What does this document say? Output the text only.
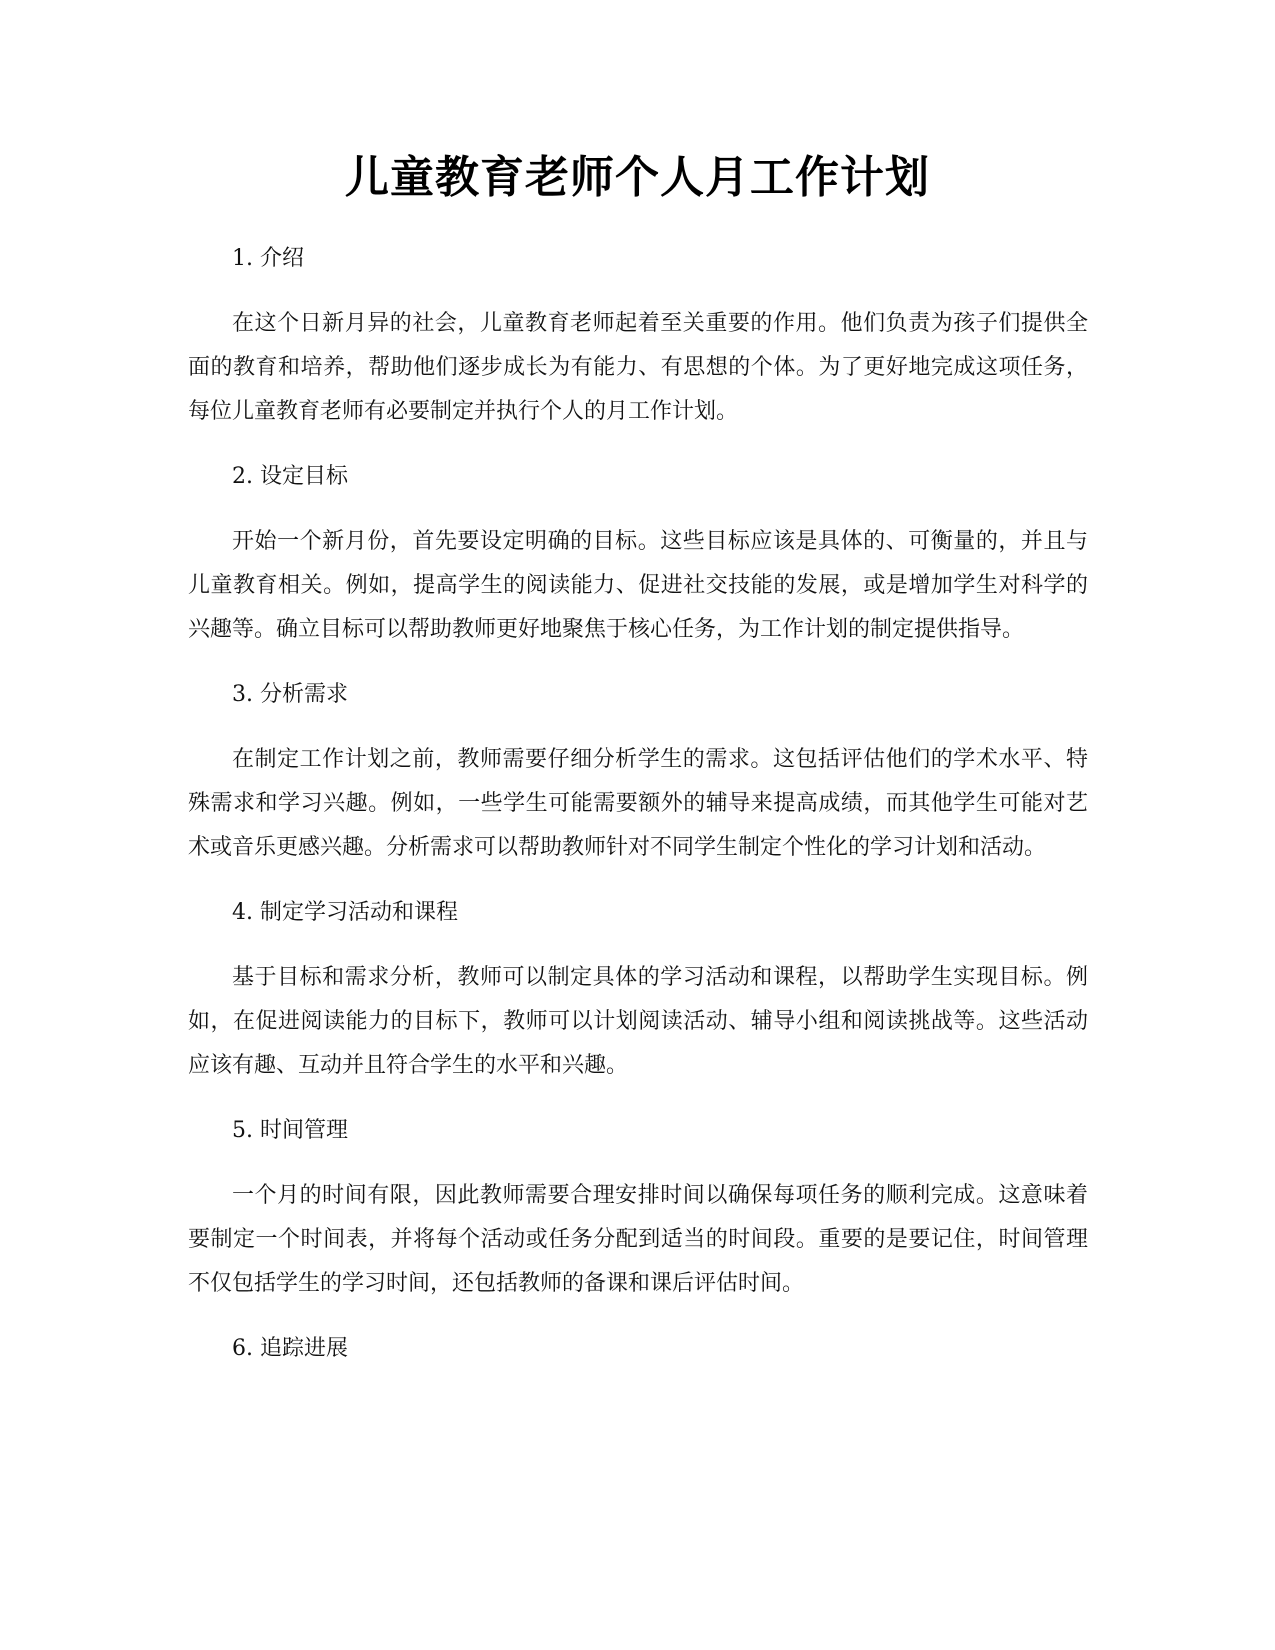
儿童教育老师个人月工作计划
1. 介绍

在这个日新月异的社会，儿童教育老师起着至关重要的作用。他们负责为孩子们提供全面的教育和培养，帮助他们逐步成长为有能力、有思想的个体。为了更好地完成这项任务，每位儿童教育老师有必要制定并执行个人的月工作计划。

2. 设定目标

开始一个新月份，首先要设定明确的目标。这些目标应该是具体的、可衡量的，并且与儿童教育相关。例如，提高学生的阅读能力、促进社交技能的发展，或是增加学生对科学的兴趣等。确立目标可以帮助教师更好地聚焦于核心任务，为工作计划的制定提供指导。

3. 分析需求

在制定工作计划之前，教师需要仔细分析学生的需求。这包括评估他们的学术水平、特殊需求和学习兴趣。例如，一些学生可能需要额外的辅导来提高成绩，而其他学生可能对艺术或音乐更感兴趣。分析需求可以帮助教师针对不同学生制定个性化的学习计划和活动。

4. 制定学习活动和课程

基于目标和需求分析，教师可以制定具体的学习活动和课程，以帮助学生实现目标。例如，在促进阅读能力的目标下，教师可以计划阅读活动、辅导小组和阅读挑战等。这些活动应该有趣、互动并且符合学生的水平和兴趣。

5. 时间管理

一个月的时间有限，因此教师需要合理安排时间以确保每项任务的顺利完成。这意味着要制定一个时间表，并将每个活动或任务分配到适当的时间段。重要的是要记住，时间管理不仅包括学生的学习时间，还包括教师的备课和课后评估时间。

6. 追踪进展
